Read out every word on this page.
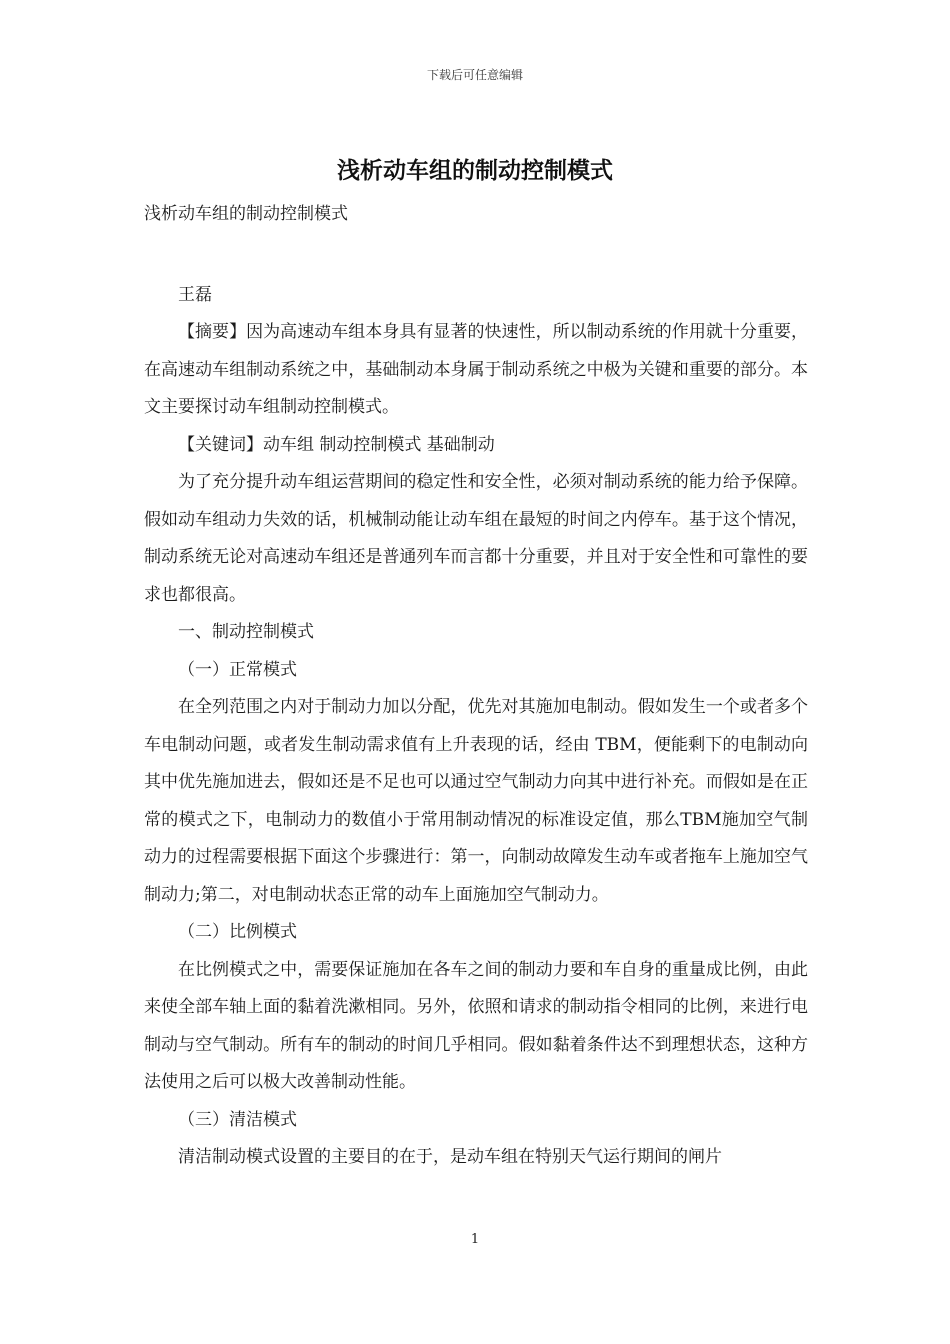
下载后可任意编辑
浅析动车组的制动控制模式

浅析动车组的制动控制模式

王磊

【摘要】因为高速动车组本身具有显著的快速性，所以制动系统的作用就十分重要，在高速动车组制动系统之中，基础制动本身属于制动系统之中极为关键和重要的部分。本文主要探讨动车组制动控制模式。

【关键词】动车组 制动控制模式 基础制动

为了充分提升动车组运营期间的稳定性和安全性，必须对制动系统的能力给予保障。假如动车组动力失效的话，机械制动能让动车组在最短的时间之内停车。基于这个情况，制动系统无论对高速动车组还是普通列车而言都十分重要，并且对于安全性和可靠性的要求也都很高。

一、制动控制模式

（一）正常模式

在全列范围之内对于制动力加以分配，优先对其施加电制动。假如发生一个或者多个车电制动问题，或者发生制动需求值有上升表现的话，经由 TBM，便能剩下的电制动向其中优先施加进去，假如还是不足也可以通过空气制动力向其中进行补充。而假如是在正常的模式之下，电制动力的数值小于常用制动情况的标准设定值，那么TBM施加空气制动力的过程需要根据下面这个步骤进行：第一，向制动故障发生动车或者拖车上施加空气制动力;第二，对电制动状态正常的动车上面施加空气制动力。

（二）比例模式

在比例模式之中，需要保证施加在各车之间的制动力要和车自身的重量成比例，由此来使全部车轴上面的黏着洗漱相同。另外，依照和请求的制动指令相同的比例，来进行电制动与空气制动。所有车的制动的时间几乎相同。假如黏着条件达不到理想状态，这种方法使用之后可以极大改善制动性能。

（三）清洁模式

清洁制动模式设置的主要目的在于，是动车组在特别天气运行期间的闸片

1
